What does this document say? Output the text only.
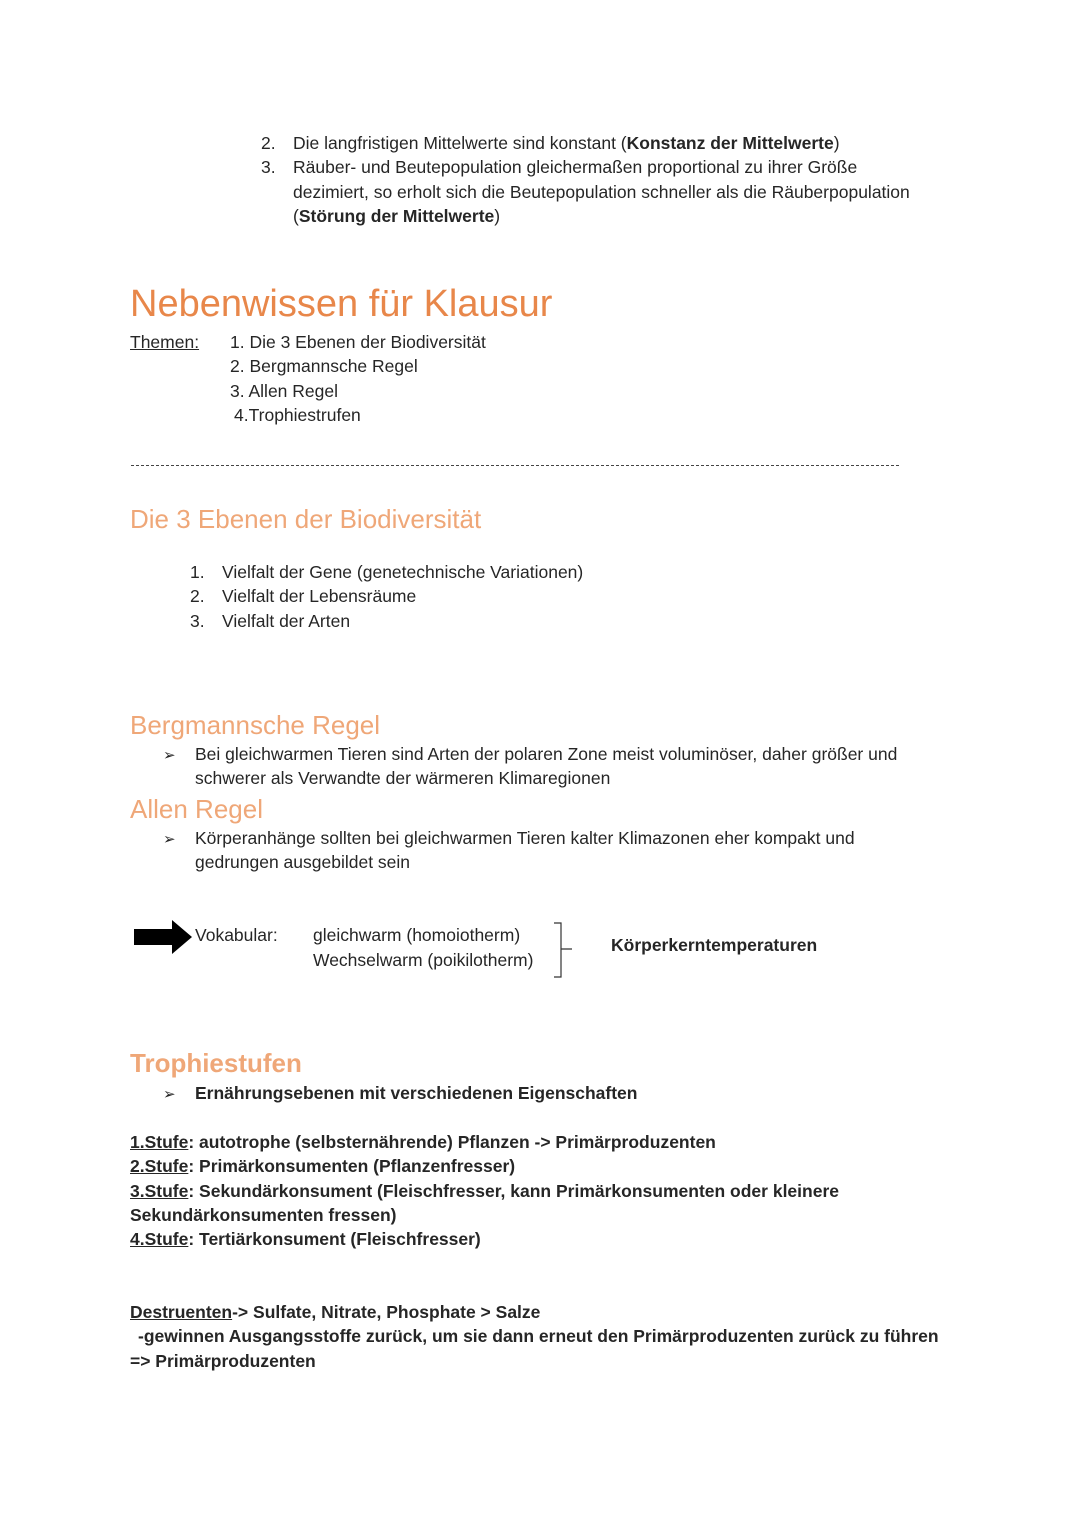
2. Die langfristigen Mittelwerte sind konstant (Konstanz der Mittelwerte)
3. Räuber- und Beutepopulation gleichermaßen proportional zu ihrer Größe
dezimiert, so erholt sich die Beutepopulation schneller als die Räuberpopulation
(Störung der Mittelwerte)
Nebenwissen für Klausur
Themen: 1. Die 3 Ebenen der Biodiversität
2. Bergmannsche Regel
3. Allen Regel
4.Trophiestrufen
Die 3 Ebenen der Biodiversität
1. Vielfalt der Gene (genetechnische Variationen)
2. Vielfalt der Lebensräume
3. Vielfalt der Arten
Bergmannsche Regel
➢ Bei gleichwarmen Tieren sind Arten der polaren Zone meist voluminöser, daher größer und
schwerer als Verwandte der wärmeren Klimaregionen
Allen Regel
➢ Körperanhänge sollten bei gleichwarmen Tieren kalter Klimazonen eher kompakt und
gedrungen ausgebildet sein
Vokabular: gleichwarm (homoiotherm)
Wechselwarm (poikilotherm)
Körperkerntemperaturen
Trophiestufen
➢ Ernährungsebenen mit verschiedenen Eigenschaften
1.Stufe: autotrophe (selbsternährende) Pflanzen -> Primärproduzenten
2.Stufe: Primärkonsumenten (Pflanzenfresser)
3.Stufe: Sekundärkonsument (Fleischfresser, kann Primärkonsumenten oder kleinere
Sekundärkonsumenten fressen)
4.Stufe: Tertiärkonsument (Fleischfresser)
Destruenten-> Sulfate, Nitrate, Phosphate > Salze
-gewinnen Ausgangsstoffe zurück, um sie dann erneut den Primärproduzenten zurück zu führen
=> Primärproduzenten
